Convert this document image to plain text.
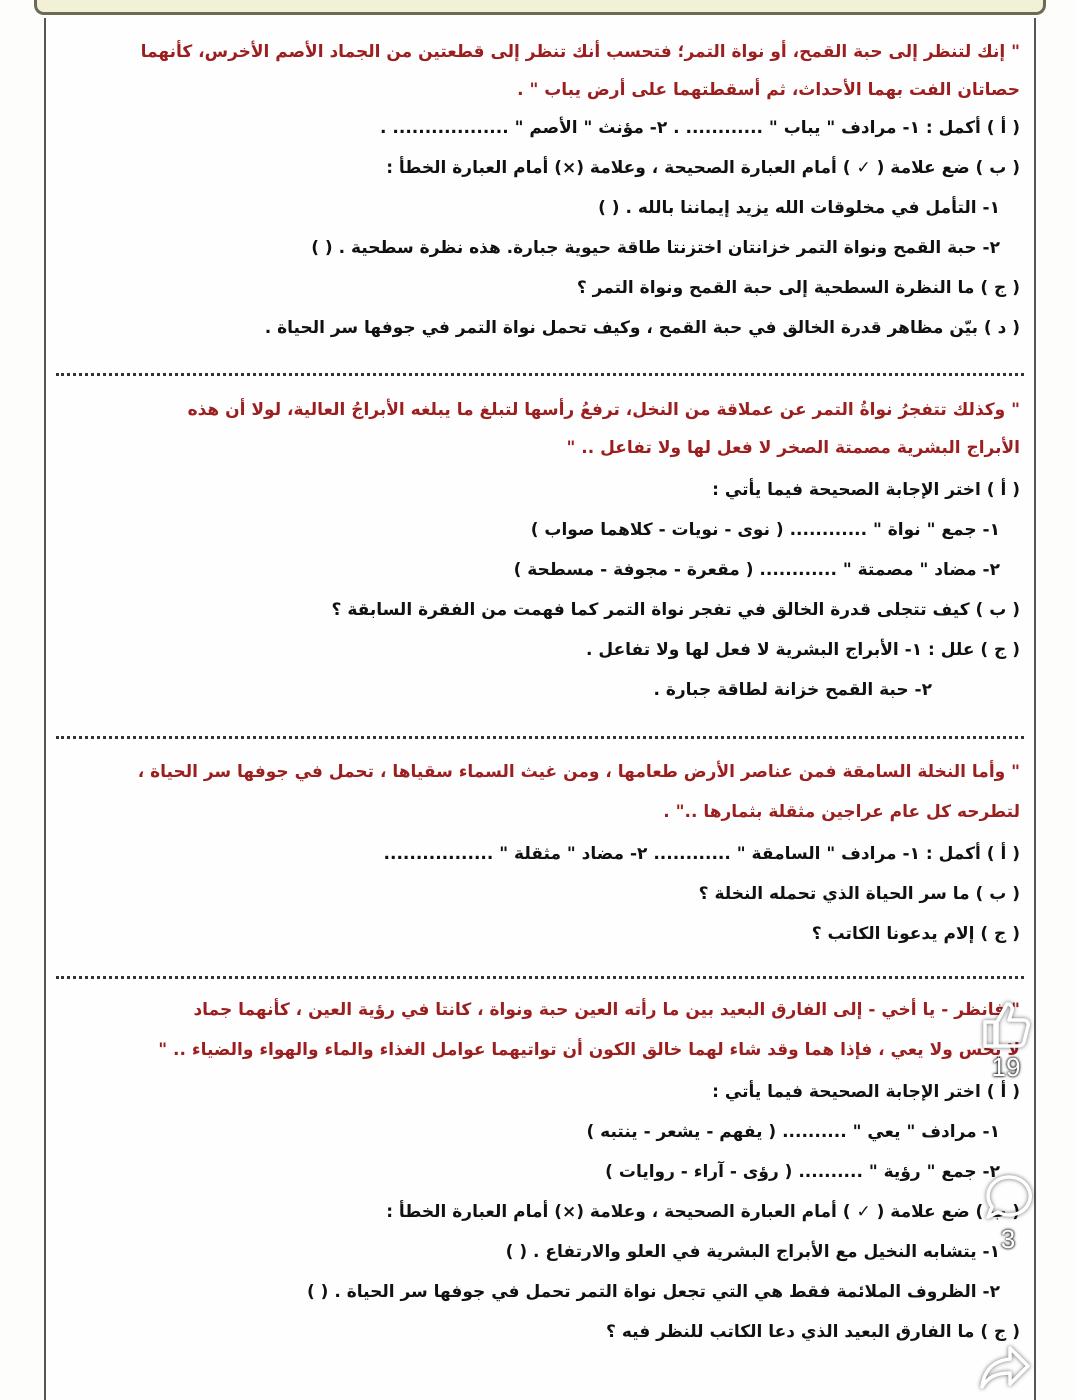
" إنك لتنظر إلى حبة القمح، أو نواة التمر؛ فتحسب أنك تنظر إلى قطعتين من الجماد الأصم الأخرس، كأنهما
حصاتان الفت بهما الأحداث، ثم أسقطتهما على أرض يباب " .
( أ ) أكمل : ١- مرادف " يباب " ............ . ٢- مؤنث " الأصم " .................. .
( ب ) ضع علامة ( ✓ ) أمام العبارة الصحيحة ، وعلامة (×) أمام العبارة الخطأ :
١- التأمل في مخلوقات الله يزيد إيماننا بالله . ( )
٢- حبة القمح ونواة التمر خزانتان اختزنتا طاقة حيوية جبارة. هذه نظرة سطحية . ( )
( ج ) ما النظرة السطحية إلى حبة القمح ونواة التمر ؟
( د ) بيّن مظاهر قدرة الخالق في حبة القمح ، وكيف تحمل نواة التمر في جوفها سر الحياة .
" وكذلك تتفجرُ نواةُ التمر عن عملاقة من النخل، ترفعُ رأسها لتبلغ ما يبلغه الأبراجُ العالية، لولا أن هذه
الأبراج البشرية مصمتة الصخر لا فعل لها ولا تفاعل .. "
( أ ) اختر الإجابة الصحيحة فيما يأتي :
١- جمع " نواة " ............ ( نوى - نويات - كلاهما صواب )
٢- مضاد " مصمتة " ............ ( مقعرة - مجوفة - مسطحة )
( ب ) كيف تتجلى قدرة الخالق في تفجر نواة التمر كما فهمت من الفقرة السابقة ؟
( ج ) علل : ١- الأبراج البشرية لا فعل لها ولا تفاعل .
٢- حبة القمح خزانة لطاقة جبارة .
" وأما النخلة السامقة فمن عناصر الأرض طعامها ، ومن غيث السماء سقياها ، تحمل في جوفها سر الحياة ،
لتطرحه كل عام عراجين مثقلة بثمارها .." .
( أ ) أكمل : ١- مرادف " السامقة " ............ ٢- مضاد " مثقلة " .................
( ب ) ما سر الحياة الذي تحمله النخلة ؟
( ج ) إلام يدعونا الكاتب ؟
" فانظر - يا أخي - إلى الفارق البعيد بين ما رأته العين حبة ونواة ، كانتا في رؤية العين ، كأنهما جماد
لا يحس ولا يعي ، فإذا هما وقد شاء لهما خالق الكون أن تواتيهما عوامل الغذاء والماء والهواء والضياء .. "
( أ ) اختر الإجابة الصحيحة فيما يأتي :
١- مرادف " يعي " .......... ( يفهم - يشعر - ينتبه )
٢- جمع " رؤية " .......... ( رؤى - آراء - روايات )
( ب ) ضع علامة ( ✓ ) أمام العبارة الصحيحة ، وعلامة (×) أمام العبارة الخطأ :
١- يتشابه النخيل مع الأبراج البشرية في العلو والارتفاع . ( )
٢- الظروف الملائمة فقط هي التي تجعل نواة التمر تحمل في جوفها سر الحياة . ( )
( ج ) ما الفارق البعيد الذي دعا الكاتب للنظر فيه ؟
19
3
